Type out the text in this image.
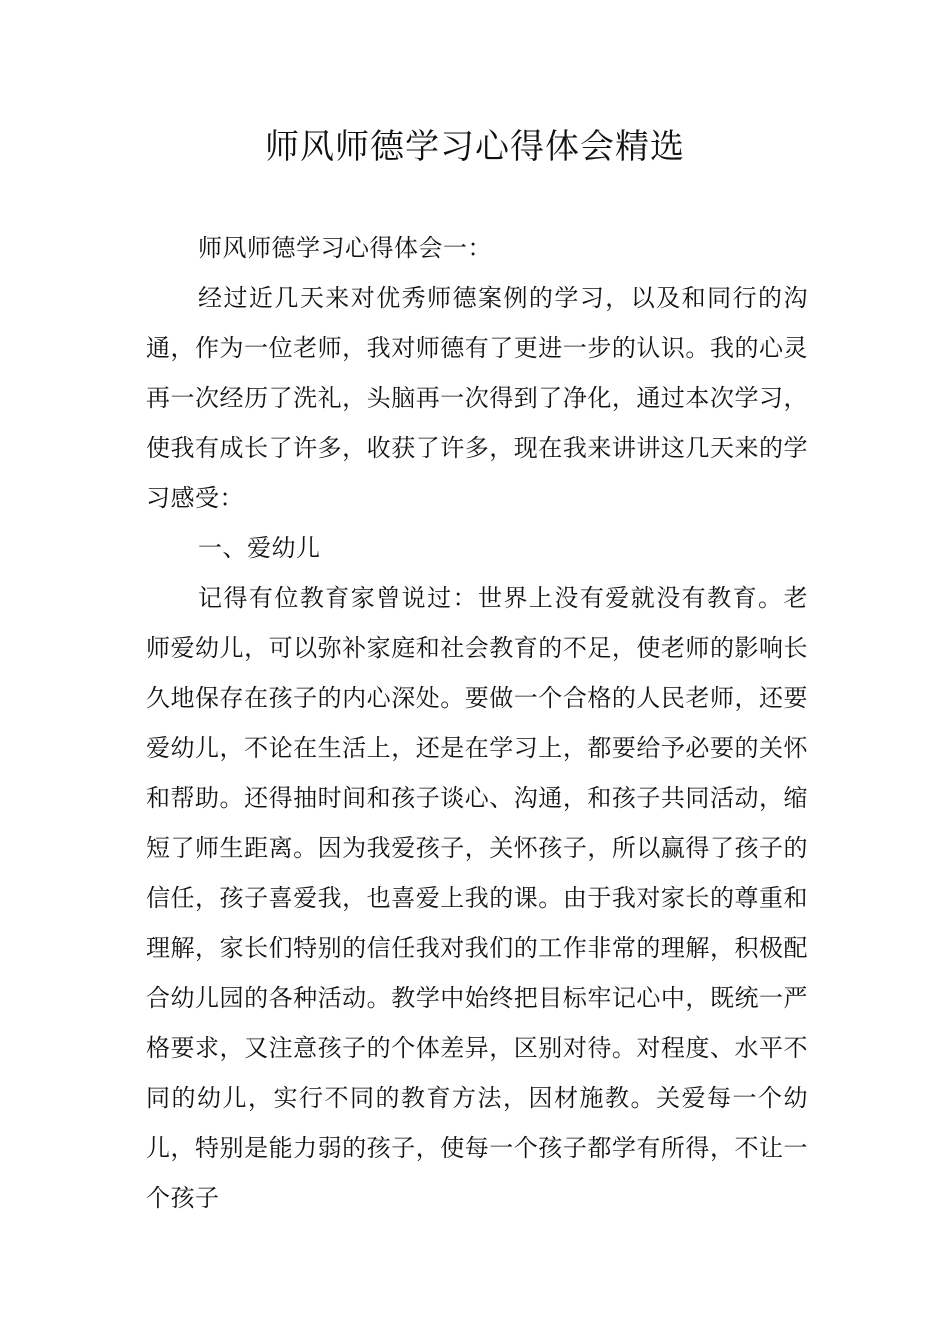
师风师德学习心得体会精选

师风师德学习心得体会一：

经过近几天来对优秀师德案例的学习，以及和同行的沟通，作为一位老师，我对师德有了更进一步的认识。我的心灵再一次经历了洗礼，头脑再一次得到了净化，通过本次学习，使我有成长了许多，收获了许多，现在我来讲讲这几天来的学习感受：

一、爱幼儿

记得有位教育家曾说过：世界上没有爱就没有教育。老师爱幼儿，可以弥补家庭和社会教育的不足，使老师的影响长久地保存在孩子的内心深处。要做一个合格的人民老师，还要爱幼儿，不论在生活上，还是在学习上，都要给予必要的关怀和帮助。还得抽时间和孩子谈心、沟通，和孩子共同活动，缩短了师生距离。因为我爱孩子，关怀孩子，所以赢得了孩子的信任，孩子喜爱我，也喜爱上我的课。由于我对家长的尊重和理解，家长们特别的信任我对我们的工作非常的理解，积极配合幼儿园的各种活动。教学中始终把目标牢记心中，既统一严格要求，又注意孩子的个体差异，区别对待。对程度、水平不同的幼儿，实行不同的教育方法，因材施教。关爱每一个幼儿，特别是能力弱的孩子，使每一个孩子都学有所得，不让一个孩子
